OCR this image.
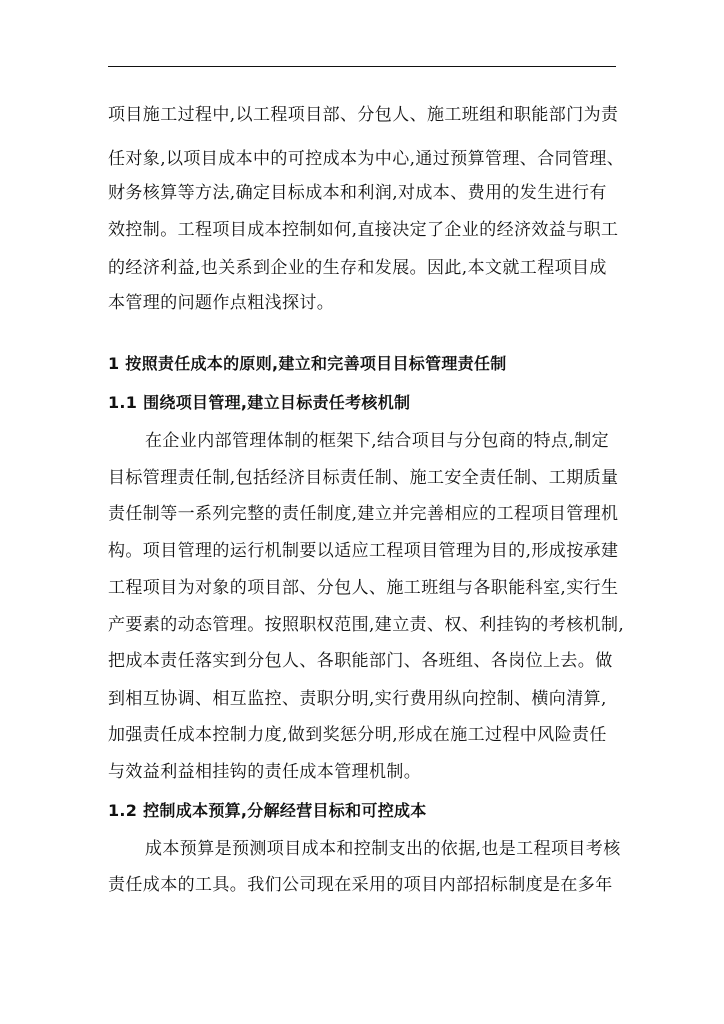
项目施工过程中,以工程项目部、分包人、施工班组和职能部门为责
任对象,以项目成本中的可控成本为中心,通过预算管理、合同管理、
财务核算等方法,确定目标成本和利润,对成本、费用的发生进行有
效控制。工程项目成本控制如何,直接决定了企业的经济效益与职工
的经济利益,也关系到企业的生存和发展。因此,本文就工程项目成
本管理的问题作点粗浅探讨。
1 按照责任成本的原则,建立和完善项目目标管理责任制
1.1 围绕项目管理,建立目标责任考核机制
在企业内部管理体制的框架下,结合项目与分包商的特点,制定
目标管理责任制,包括经济目标责任制、施工安全责任制、工期质量
责任制等一系列完整的责任制度,建立并完善相应的工程项目管理机
构。项目管理的运行机制要以适应工程项目管理为目的,形成按承建
工程项目为对象的项目部、分包人、施工班组与各职能科室,实行生
产要素的动态管理。按照职权范围,建立责、权、利挂钩的考核机制,
把成本责任落实到分包人、各职能部门、各班组、各岗位上去。做
到相互协调、相互监控、责职分明,实行费用纵向控制、横向清算,
加强责任成本控制力度,做到奖惩分明,形成在施工过程中风险责任
与效益利益相挂钩的责任成本管理机制。
1.2 控制成本预算,分解经营目标和可控成本
成本预算是预测项目成本和控制支出的依据,也是工程项目考核
责任成本的工具。我们公司现在采用的项目内部招标制度是在多年
